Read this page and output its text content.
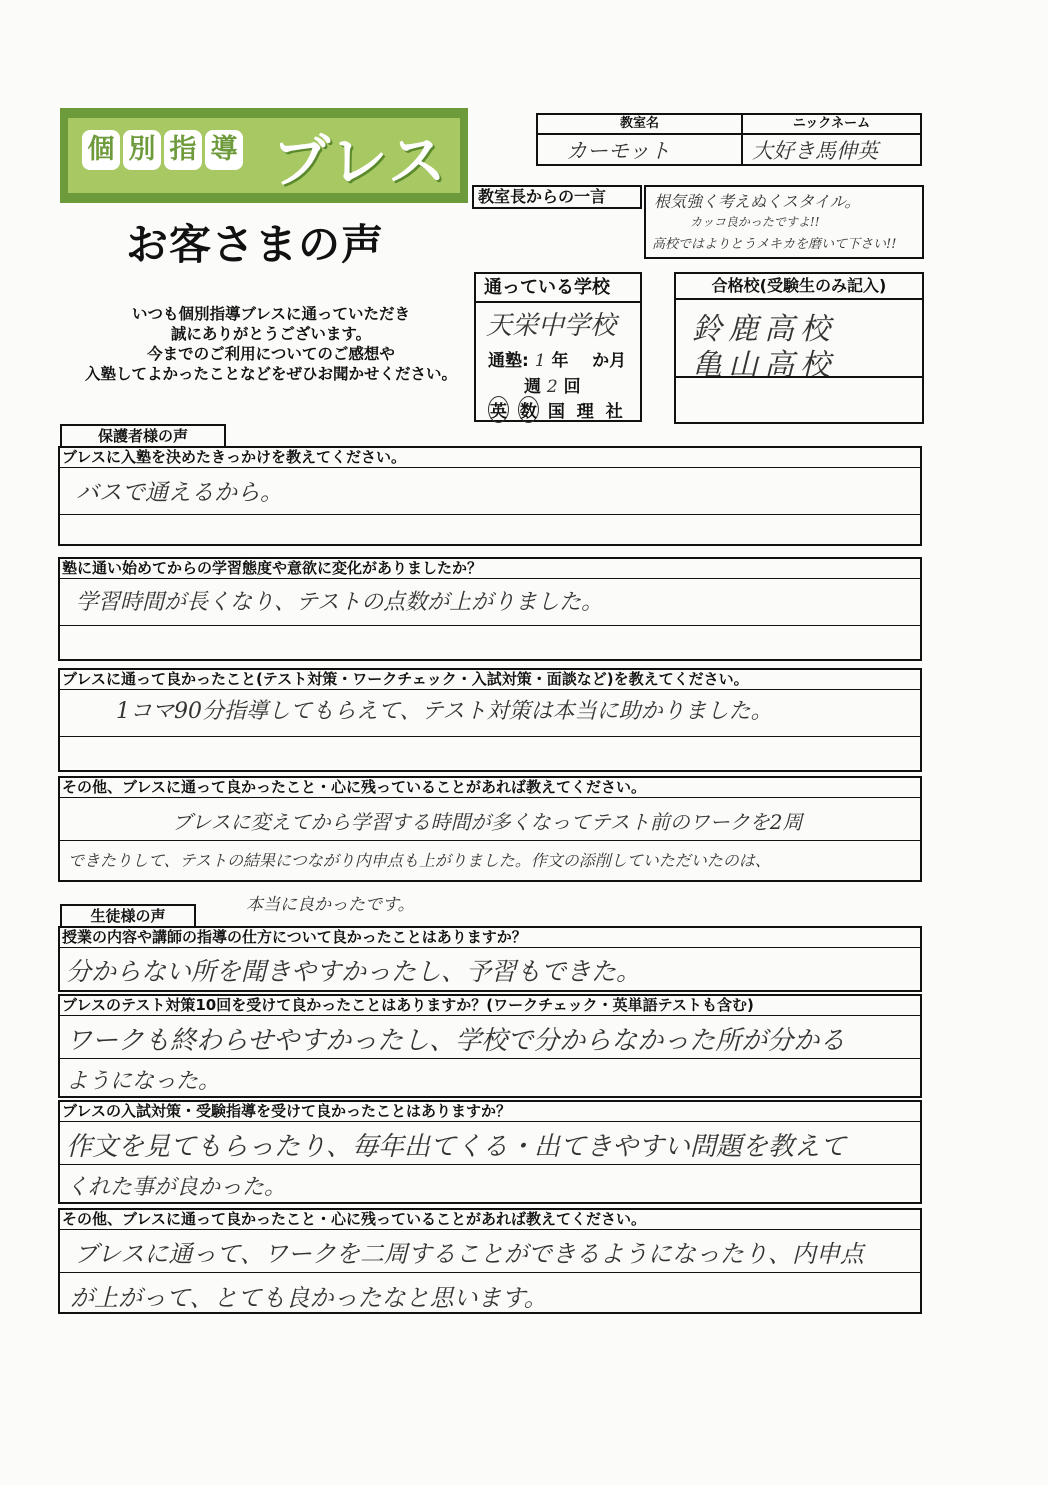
個 別 指 導 ブレス
お客さまの声
いつも個別指導ブレスに通っていただき
誠にありがとうございます。
今までのご利用についてのご感想や
入塾してよかったことなどをぜひお聞かせください。
教室名	ニックネーム
カーモット	大好き馬伸英
教室長からの一言	根気強く考えぬくスタイル。
カッコ良かったですよ!!
高校ではよりとうメキカを磨いて下さい!!
通っている学校
天栄中学校
通塾: 1 年 か月
週 2 回
英 数 国 理 社
合格校(受験生のみ記入)
鈴鹿高校
亀山高校
保護者様の声
ブレスに入塾を決めたきっかけを教えてください。
バスで通えるから。
塾に通い始めてからの学習態度や意欲に変化がありましたか？
学習時間が長くなり、テストの点数が上がりました。
ブレスに通って良かったこと(テスト対策・ワークチェック・入試対策・面談など)を教えてください。
1コマ90分指導してもらえて、テスト対策は本当に助かりました。
その他、ブレスに通って良かったこと・心に残っていることがあれば教えてください。
ブレスに変えてから学習する時間が多くなってテスト前のワークを2周
できたりして、テストの結果につながり内申点も上がりました。作文の添削していただいたのは、
本当に良かったです。
生徒様の声
授業の内容や講師の指導の仕方について良かったことはありますか？
分からない所を聞きやすかったし、予習もできた。
ブレスのテスト対策10回を受けて良かったことはありますか？(ワークチェック・英単語テストも含む)
ワークも終わらせやすかったし、学校で分からなかった所が分かる
ようになった。
ブレスの入試対策・受験指導を受けて良かったことはありますか？
作文を見てもらったり、毎年出てくる・出てきやすい問題を教えて
くれた事が良かった。
その他、ブレスに通って良かったこと・心に残っていることがあれば教えてください。
ブレスに通って、ワークを二周することができるようになったり、内申点
が上がって、とても良かったなと思います。
